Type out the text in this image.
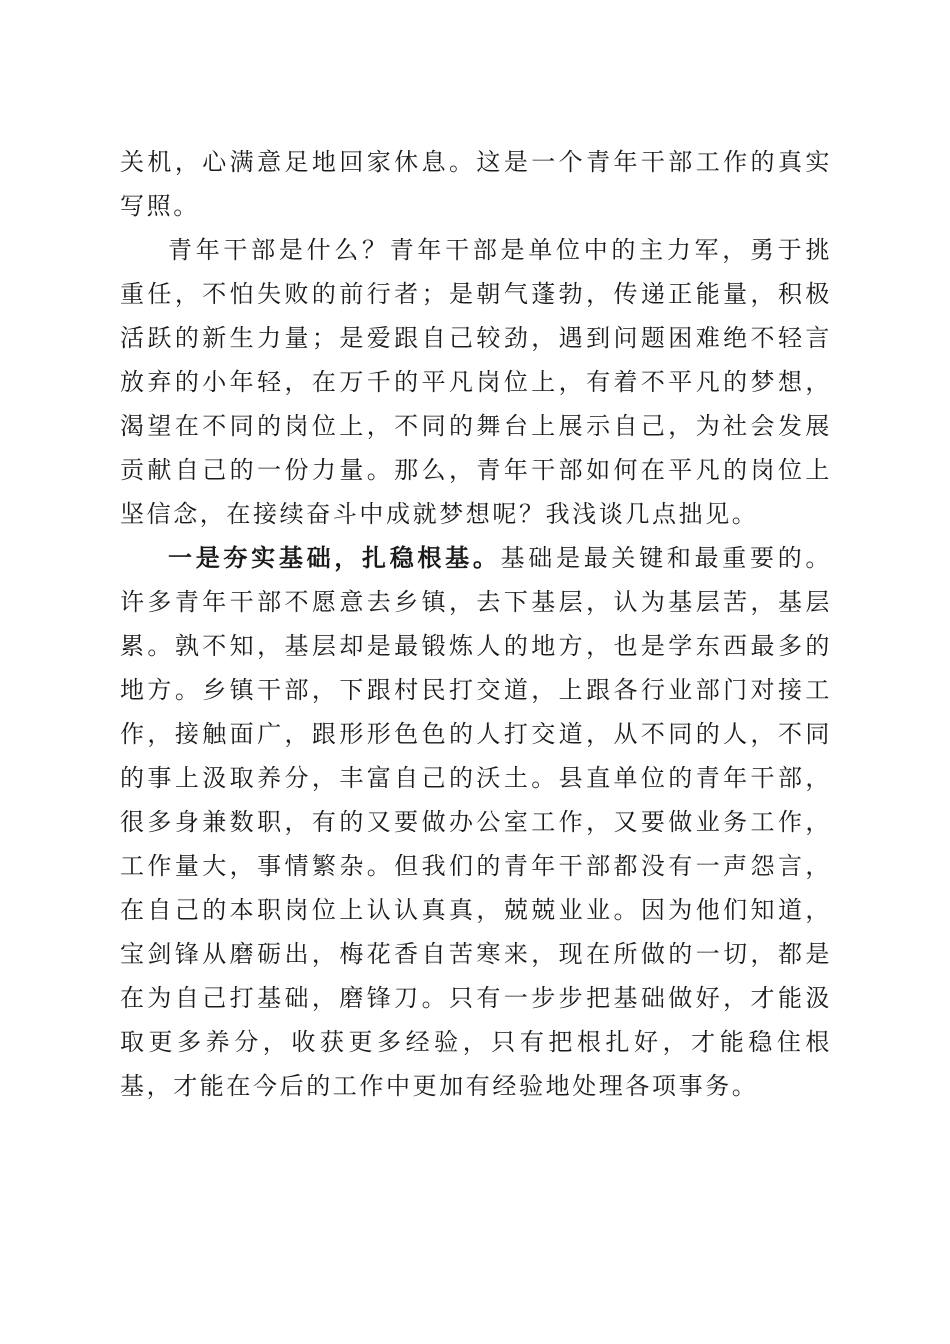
关机，心满意足地回家休息。这是一个青年干部工作的真实写照。

青年干部是什么？青年干部是单位中的主力军，勇于挑重任，不怕失败的前行者；是朝气蓬勃，传递正能量，积极活跃的新生力量；是爱跟自己较劲，遇到问题困难绝不轻言放弃的小年轻，在万千的平凡岗位上，有着不平凡的梦想，渴望在不同的岗位上，不同的舞台上展示自己，为社会发展贡献自己的一份力量。那么，青年干部如何在平凡的岗位上坚信念，在接续奋斗中成就梦想呢？我浅谈几点拙见。

一是夯实基础，扎稳根基。基础是最关键和最重要的。许多青年干部不愿意去乡镇，去下基层，认为基层苦，基层累。孰不知，基层却是最锻炼人的地方，也是学东西最多的地方。乡镇干部，下跟村民打交道，上跟各行业部门对接工作，接触面广，跟形形色色的人打交道，从不同的人，不同的事上汲取养分，丰富自己的沃土。县直单位的青年干部，很多身兼数职，有的又要做办公室工作，又要做业务工作，工作量大，事情繁杂。但我们的青年干部都没有一声怨言，在自己的本职岗位上认认真真，兢兢业业。因为他们知道，宝剑锋从磨砺出，梅花香自苦寒来，现在所做的一切，都是在为自己打基础，磨锋刀。只有一步步把基础做好，才能汲取更多养分，收获更多经验，只有把根扎好，才能稳住根基，才能在今后的工作中更加有经验地处理各项事务。
